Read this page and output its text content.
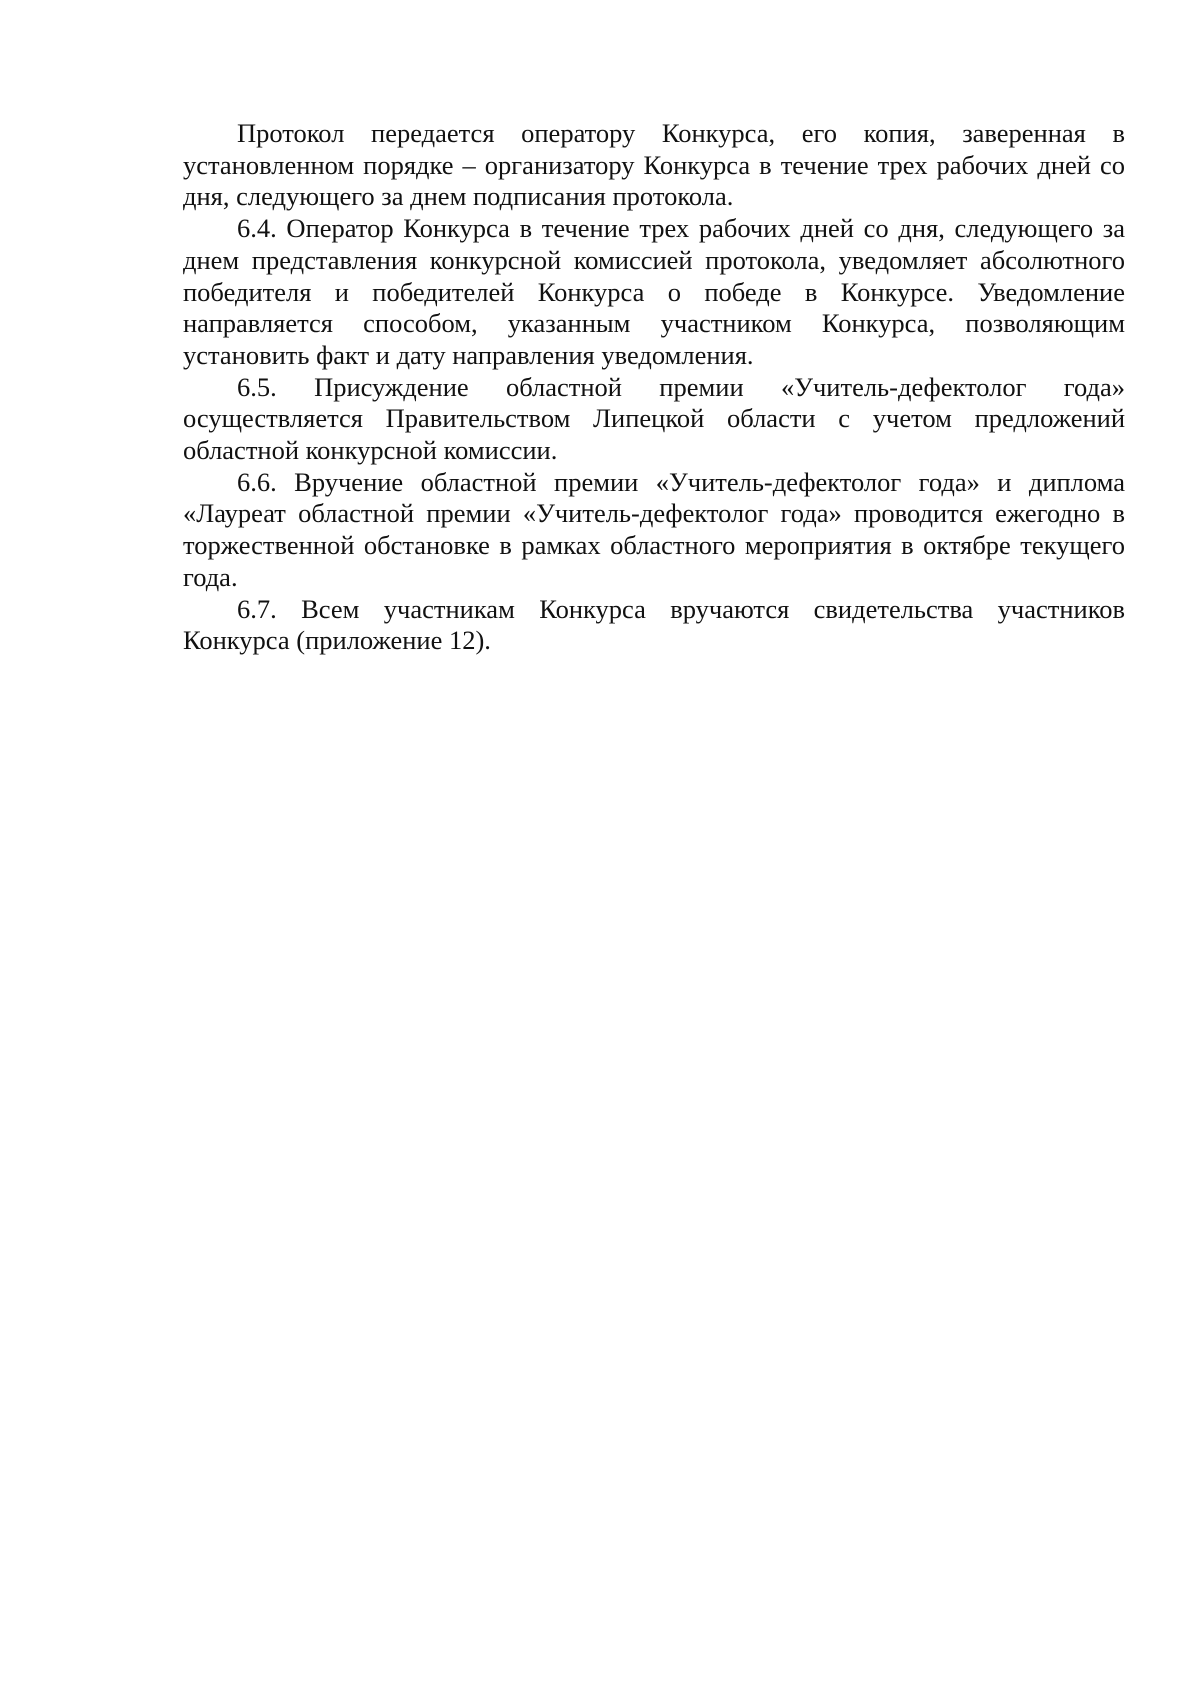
Протокол передается оператору Конкурса, его копия, заверенная в установленном порядке – организатору Конкурса в течение трех рабочих дней со дня, следующего за днем подписания протокола.

6.4. Оператор Конкурса в течение трех рабочих дней со дня, следующего за днем представления конкурсной комиссией протокола, уведомляет абсолютного победителя и победителей Конкурса о победе в Конкурсе. Уведомление направляется способом, указанным участником Конкурса, позволяющим установить факт и дату направления уведомления.

6.5. Присуждение областной премии «Учитель-дефектолог года» осуществляется Правительством Липецкой области с учетом предложений областной конкурсной комиссии.

6.6. Вручение областной премии «Учитель-дефектолог года» и диплома «Лауреат областной премии «Учитель-дефектолог года» проводится ежегодно в торжественной обстановке в рамках областного мероприятия в октябре текущего года.

6.7. Всем участникам Конкурса вручаются свидетельства участников Конкурса (приложение 12).
